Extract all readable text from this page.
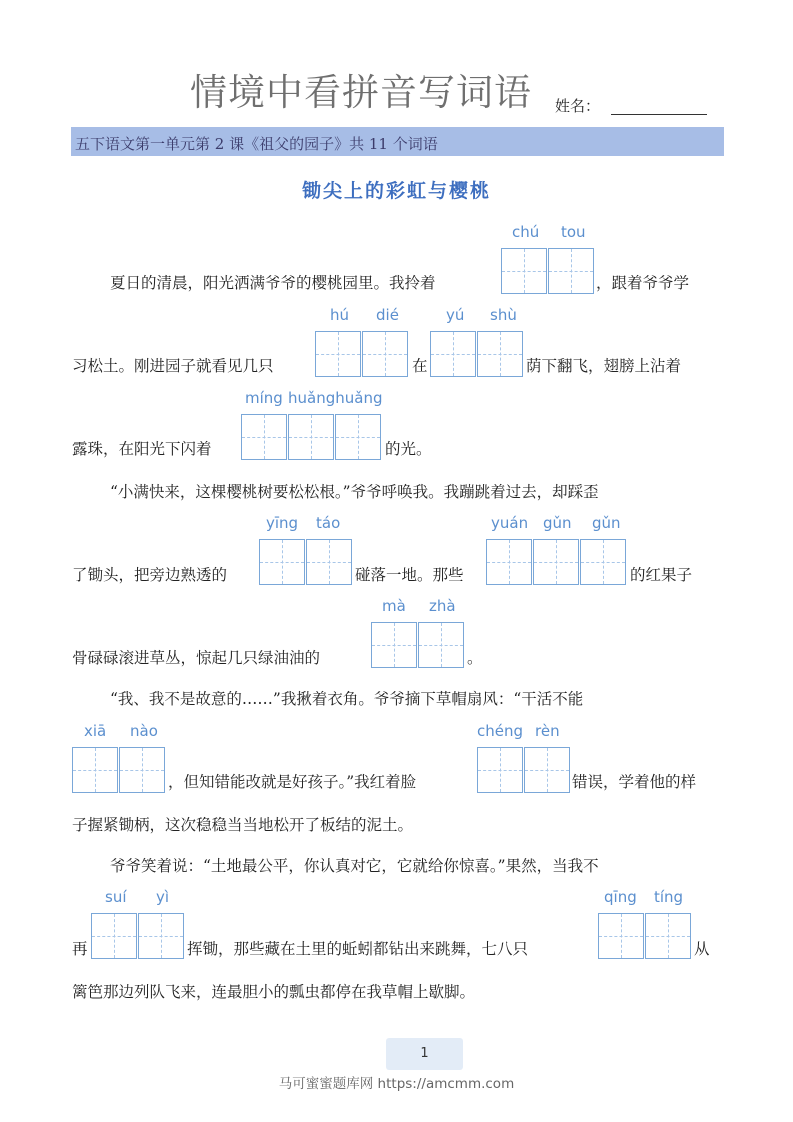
情境中看拼音写词语 姓名：
五下语文第一单元第 2 课《祖父的园子》共 11 个词语
锄尖上的彩虹与樱桃
chú tou
夏日的清晨，阳光洒满爷爷的樱桃园里。我拎着	，跟着爷爷学
hú dié	yú shù
习松土。刚进园子就看见几只	在	荫下翻飞，翅膀上沾着
míng huǎnghuǎng
露珠，在阳光下闪着	的光。
“小满快来，这棵樱桃树要松松根。”爷爷呼唤我。我蹦跳着过去，却踩歪
yīng táo	yuán gǔn gǔn
了锄头，把旁边熟透的	碰落一地。那些	的红果子
mà zhà
骨碌碌滚进草丛，惊起几只绿油油的	。
“我、我不是故意的……”我揪着衣角。爷爷摘下草帽扇风：“干活不能
xiā nào	chéng rèn
，但知错能改就是好孩子。”我红着脸	错误，学着他的样
子握紧锄柄，这次稳稳当当地松开了板结的泥土。
爷爷笑着说：“土地最公平，你认真对它，它就给你惊喜。”果然，当我不
suí yì	qīng tíng
再	挥锄，那些藏在土里的蚯蚓都钻出来跳舞，七八只	从
篱笆那边列队飞来，连最胆小的瓢虫都停在我草帽上歇脚。
1
马可蜜蜜题库网 https://amcmm.com
